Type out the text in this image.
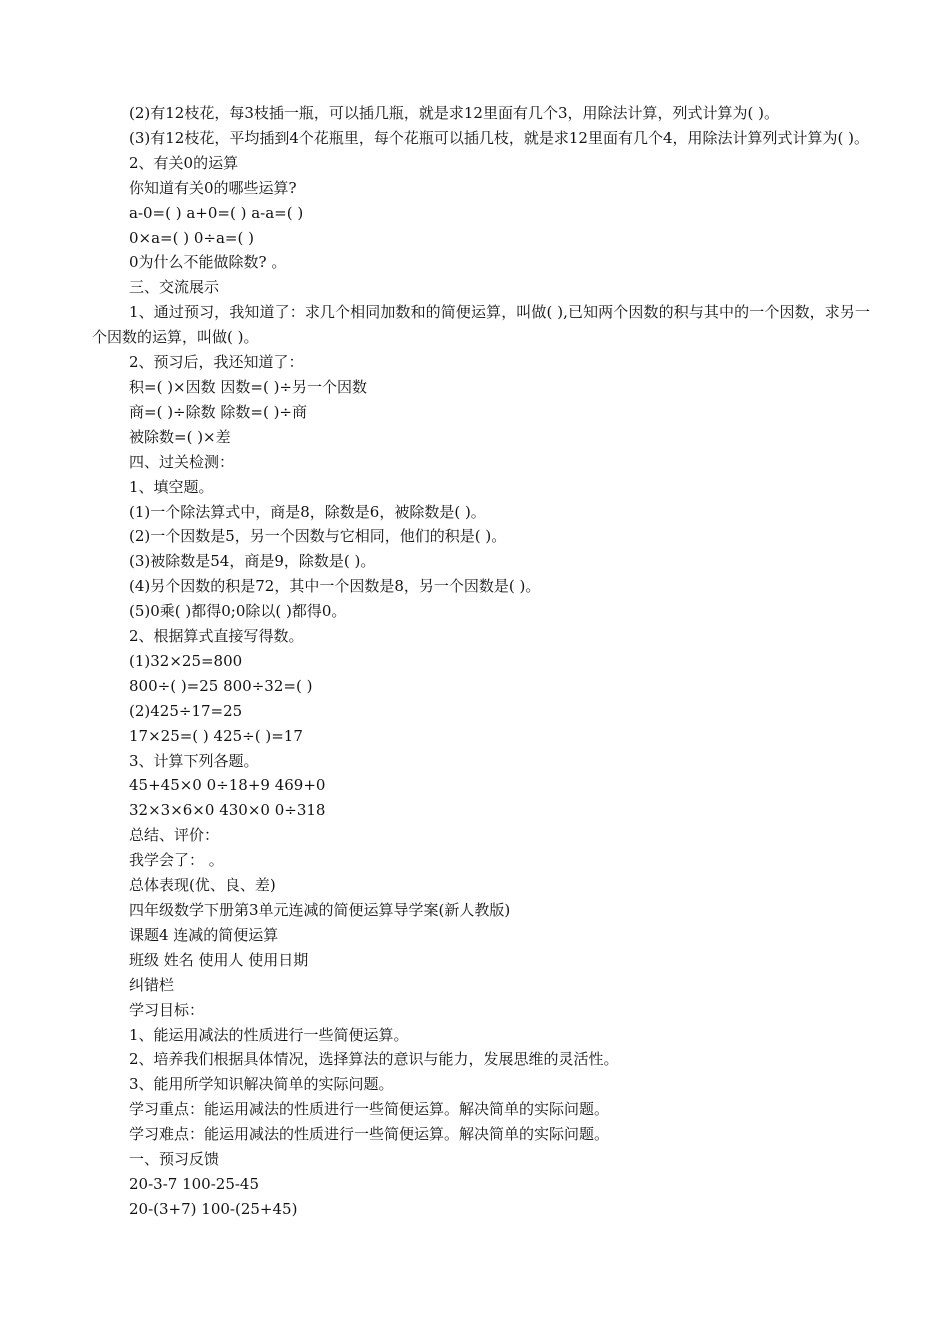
(2)有12枝花，每3枝插一瓶，可以插几瓶，就是求12里面有几个3，用除法计算，列式计算为( )。
(3)有12枝花，平均插到4个花瓶里，每个花瓶可以插几枝，就是求12里面有几个4，用除法计算列式计算为( )。
2、有关0的运算
你知道有关0的哪些运算?
a-0=( ) a+0=( ) a-a=( )
0×a=( ) 0÷a=( )
0为什么不能做除数? 。
三、交流展示
1、通过预习，我知道了：求几个相同加数和的简便运算，叫做( ),已知两个因数的积与其中的一个因数，求另一个因数的运算，叫做( )。
2、预习后，我还知道了：
积=( )×因数 因数=( )÷另一个因数
商=( )÷除数 除数=( )÷商
被除数=( )×差
四、过关检测：
1、填空题。
(1)一个除法算式中，商是8，除数是6，被除数是( )。
(2)一个因数是5，另一个因数与它相同，他们的积是( )。
(3)被除数是54，商是9，除数是( )。
(4)另个因数的积是72，其中一个因数是8，另一个因数是( )。
(5)0乘( )都得0;0除以( )都得0。
2、根据算式直接写得数。
(1)32×25=800
800÷( )=25 800÷32=( )
(2)425÷17=25
17×25=( ) 425÷( )=17
3、计算下列各题。
45+45×0 0÷18+9 469+0
32×3×6×0 430×0 0÷318
总结、评价：
我学会了： 。
总体表现(优、良、差)
四年级数学下册第3单元连减的简便运算导学案(新人教版)
课题4 连减的简便运算
班级 姓名 使用人 使用日期
纠错栏
学习目标：
1、能运用减法的性质进行一些简便运算。
2、培养我们根据具体情况，选择算法的意识与能力，发展思维的灵活性。
3、能用所学知识解决简单的实际问题。
学习重点：能运用减法的性质进行一些简便运算。解决简单的实际问题。
学习难点：能运用减法的性质进行一些简便运算。解决简单的实际问题。
一、预习反馈
20-3-7 100-25-45
20-(3+7) 100-(25+45)
